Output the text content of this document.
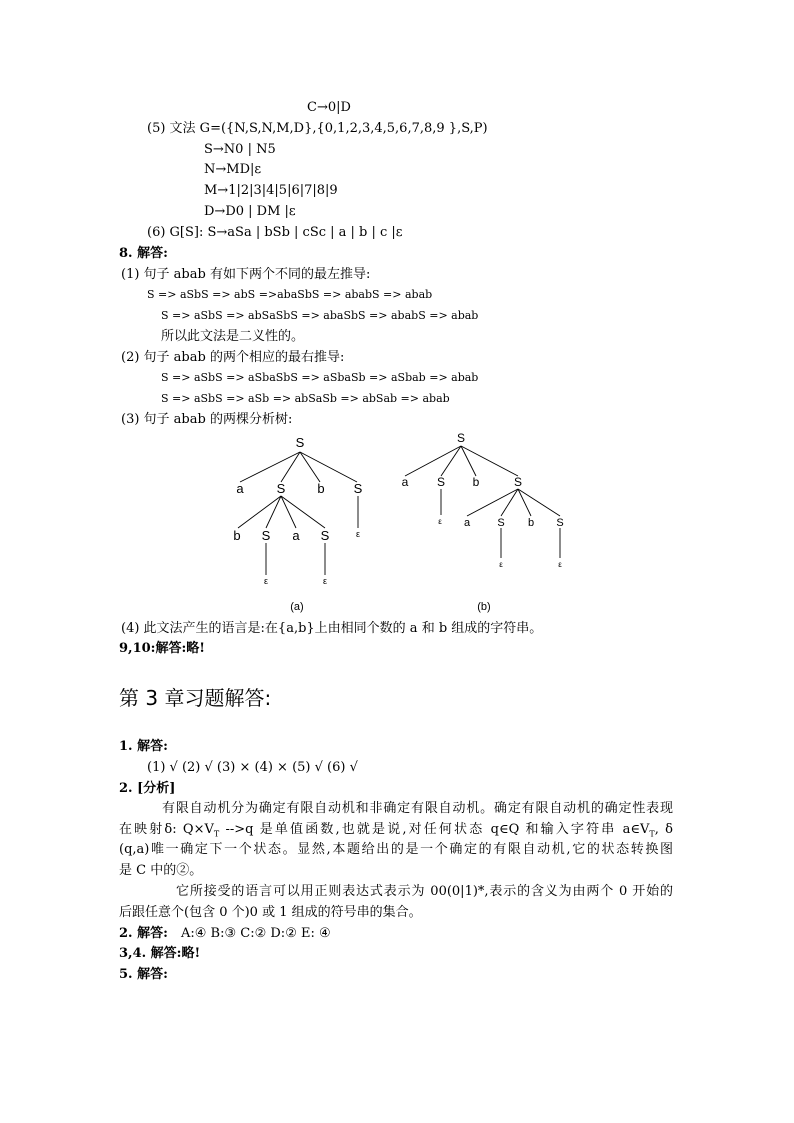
C→0|D
(5) 文法 G=({N,S,N,M,D},{0,1,2,3,4,5,6,7,8,9 },S,P)
S→N0 | N5
N→MD|ε
M→1|2|3|4|5|6|7|8|9
D→D0 | DM |ε
(6) G[S]: S→aSa | bSb | cSc | a | b | c |ε
8. 解答:
(1) 句子 abab 有如下两个不同的最左推导:
S => aSbS => abS =>abaSbS => ababS => abab
S => aSbS => abSaSbS => abaSbS => ababS => abab
所以此文法是二义性的。
(2) 句子 abab 的两个相应的最右推导:
S => aSbS => aSbaSbS => aSbaSb => aSbab => abab
S => aSbS => aSb => abSaSb => abSab => abab
(3) 句子 abab 的两棵分析树:
S
a	S b S
b S a S	ε
ε	ε
(a)
S
a S b	S
ε a S b S
ε	ε
(b)
(4) 此文法产生的语言是:在{a,b}上由相同个数的 a 和 b 组成的字符串。
9,10:解答:略!
第 3 章习题解答:
1. 解答:
(1) √ (2) √ (3) × (4) × (5) √ (6) √
2. [分析]
有限自动机分为确定有限自动机和非确定有限自动机。确定有限自动机的确定性表现
在映射δ: $Q\times V_T$ -->q 是单值函数,也就是说,对任何状态 q∈Q 和输入字符串 $a\in V_T$, δ
(q,a)唯一确定下一个状态。显然,本题给出的是一个确定的有限自动机,它的状态转换图
是 C 中的②。
它所接受的语言可以用正则表达式表示为 00(0|1)*,表示的含义为由两个 0 开始的
后跟任意个(包含 0 个)0 或 1 组成的符号串的集合。
2. 解答: A:④ B:③ C:② D:② E: ④
3,4. 解答:略!
5. 解答:
